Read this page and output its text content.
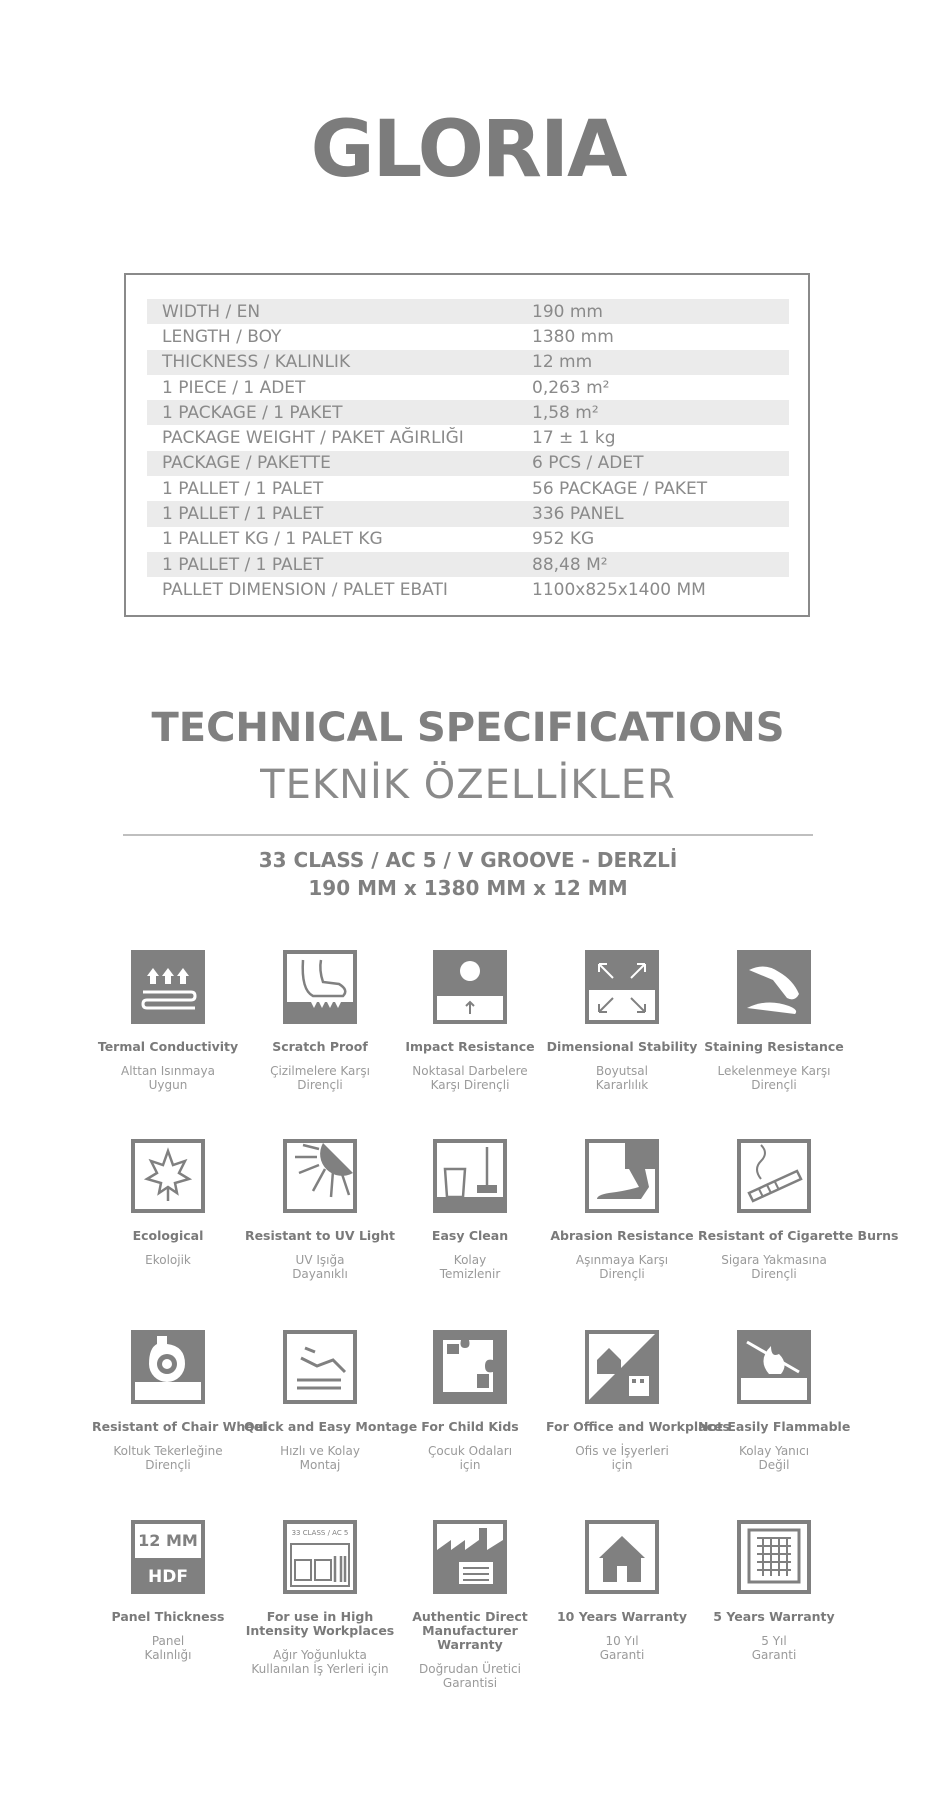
GLORIA
WIDTH / EN	190 mm
LENGTH / BOY	1380 mm
THICKNESS / KALINLIK	12 mm
1 PIECE / 1 ADET	0,263 m²
1 PACKAGE / 1 PAKET	1,58 m²
PACKAGE WEIGHT / PAKET AĞIRLIĞI	17 ± 1 kg
PACKAGE / PAKETTE	6 PCS / ADET
1 PALLET / 1 PALET	56 PACKAGE / PAKET
1 PALLET / 1 PALET	336 PANEL
1 PALLET KG / 1 PALET KG	952 KG
1 PALLET / 1 PALET	88,48 M²
PALLET DIMENSION / PALET EBATI	1100x825x1400 MM
TECHNICAL SPECIFICATIONS
TEKNİK ÖZELLİKLER
33 CLASS / AC 5 / V GROOVE - DERZLİ
190 MM x 1380 MM x 12 MM
Termal Conductivity
Alttan Isınmaya
Uygun
Scratch Proof
Çizilmelere Karşı
Dirençli
Impact Resistance
Noktasal Darbelere
Karşı Dirençli
Dimensional Stability
Boyutsal
Kararlılık
Staining Resistance
Lekelenmeye Karşı
Dirençli
Ecological
Ekolojik
Resistant to UV Light
UV Işığa
Dayanıklı
Easy Clean
Kolay
Temizlenir
Abrasion Resistance
Aşınmaya Karşı
Dirençli
Resistant of Cigarette Burns
Sigara Yakmasına
Dirençli
Resistant of Chair Wheel
Koltuk Tekerleğine
Dirençli
Quick and Easy Montage
Hızlı ve Kolay
Montaj
For Child Kids
Çocuk Odaları
için
For Office and Workplaces
Ofis ve İşyerleri
için
Not Easily Flammable
Kolay Yanıcı
Değil
12 MM
HDF
Panel Thickness
Panel
Kalınlığı
33 CLASS / AC 5
For use in High
Intensity Workplaces
Ağır Yoğunlukta
Kullanılan İş Yerleri için
Authentic Direct
Manufacturer
Warranty
Doğrudan Üretici
Garantisi
10 Years Warranty
10 Yıl
Garanti
5 Years Warranty
5 Yıl
Garanti
